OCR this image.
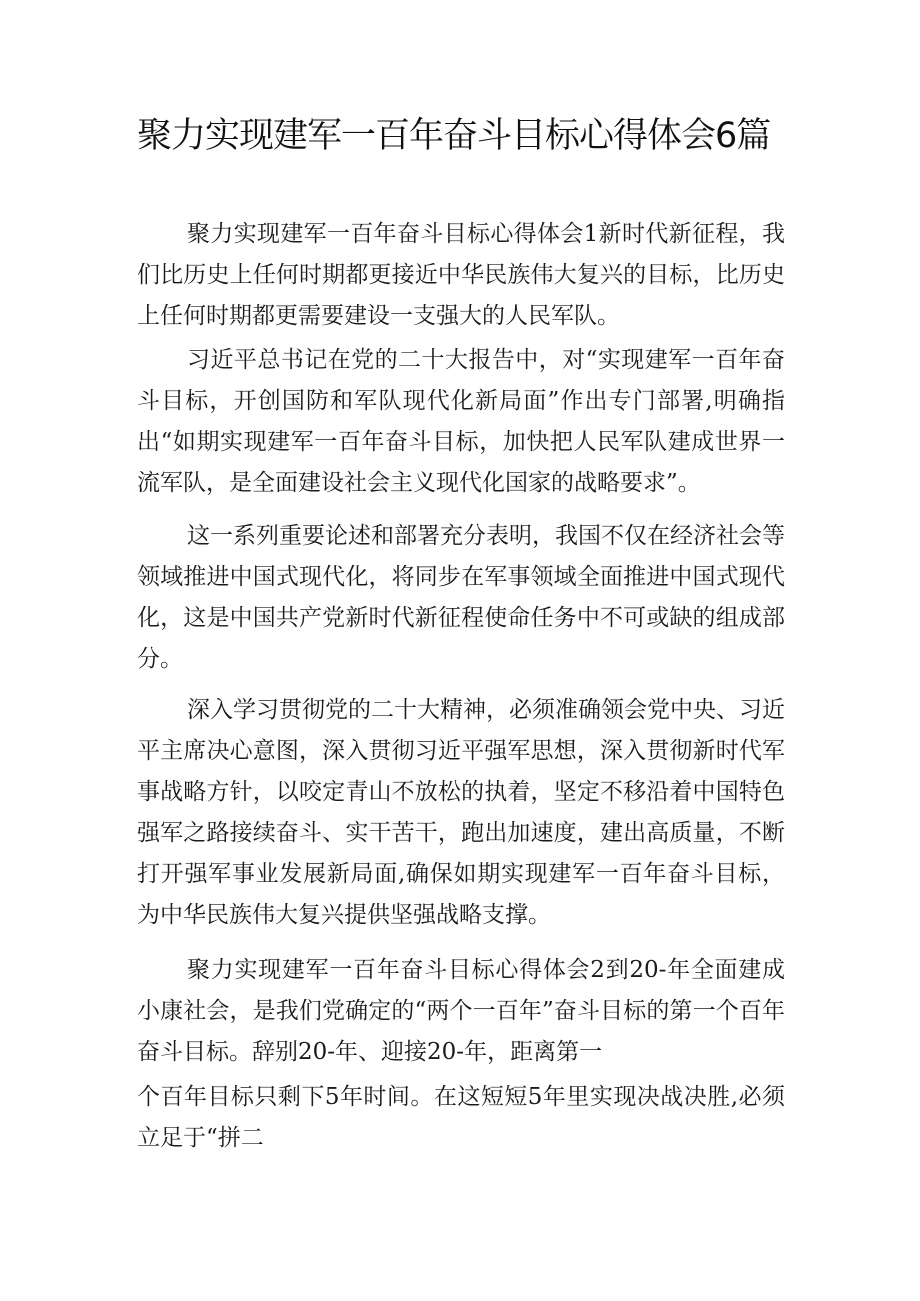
聚力实现建军一百年奋斗目标心得体会6篇

聚力实现建军一百年奋斗目标心得体会1新时代新征程，我们比历史上任何时期都更接近中华民族伟大复兴的目标，比历史上任何时期都更需要建设一支强大的人民军队。

习近平总书记在党的二十大报告中，对“实现建军一百年奋斗目标，开创国防和军队现代化新局面”作出专门部署,明确指出“如期实现建军一百年奋斗目标，加快把人民军队建成世界一流军队，是全面建设社会主义现代化国家的战略要求”。

这一系列重要论述和部署充分表明，我国不仅在经济社会等领域推进中国式现代化，将同步在军事领域全面推进中国式现代化，这是中国共产党新时代新征程使命任务中不可或缺的组成部分。

深入学习贯彻党的二十大精神，必须准确领会党中央、习近平主席决心意图，深入贯彻习近平强军思想，深入贯彻新时代军事战略方针，以咬定青山不放松的执着，坚定不移沿着中国特色强军之路接续奋斗、实干苦干，跑出加速度，建出高质量，不断打开强军事业发展新局面,确保如期实现建军一百年奋斗目标，为中华民族伟大复兴提供坚强战略支撑。

聚力实现建军一百年奋斗目标心得体会2到20-年全面建成小康社会，是我们党确定的“两个一百年”奋斗目标的第一个百年奋斗目标。辞别20-年、迎接20-年，距离第一

个百年目标只剩下5年时间。在这短短5年里实现决战决胜,必须立足于“拼二
